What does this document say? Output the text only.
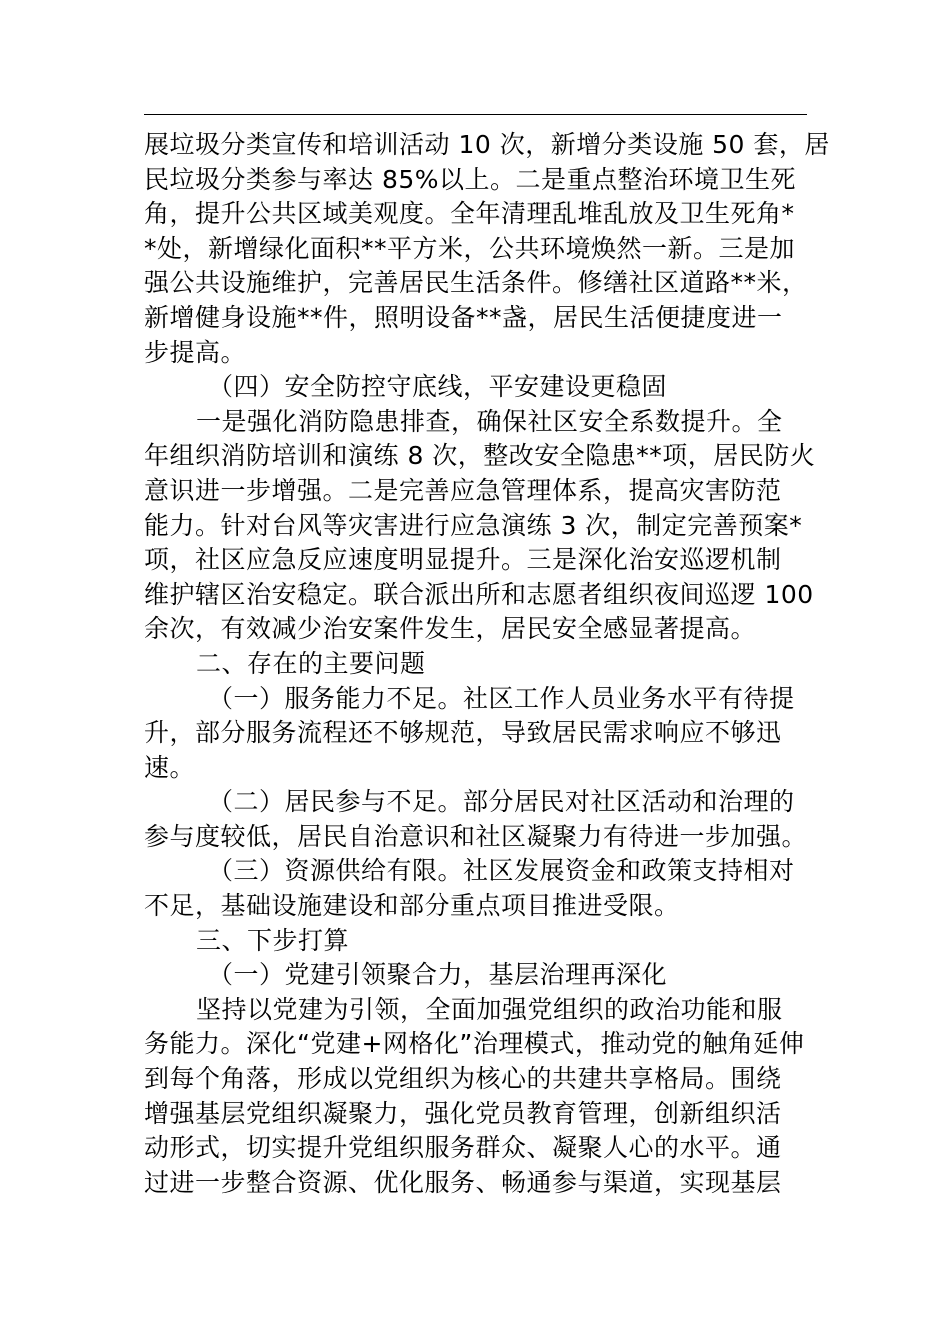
展垃圾分类宣传和培训活动 10 次，新增分类设施 50 套，居
民垃圾分类参与率达 85%以上。二是重点整治环境卫生死
角，提升公共区域美观度。全年清理乱堆乱放及卫生死角*
*处，新增绿化面积**平方米，公共环境焕然一新。三是加
强公共设施维护，完善居民生活条件。修缮社区道路**米，
新增健身设施**件，照明设备**盏，居民生活便捷度进一
步提高。
（四）安全防控守底线，平安建设更稳固
一是强化消防隐患排查，确保社区安全系数提升。全
年组织消防培训和演练 8 次，整改安全隐患**项，居民防火
意识进一步增强。二是完善应急管理体系，提高灾害防范
能力。针对台风等灾害进行应急演练 3 次，制定完善预案*
项，社区应急反应速度明显提升。三是深化治安巡逻机制
维护辖区治安稳定。联合派出所和志愿者组织夜间巡逻 100
余次，有效减少治安案件发生，居民安全感显著提高。
二、存在的主要问题
（一）服务能力不足。社区工作人员业务水平有待提
升，部分服务流程还不够规范，导致居民需求响应不够迅
速。
（二）居民参与不足。部分居民对社区活动和治理的
参与度较低，居民自治意识和社区凝聚力有待进一步加强。
（三）资源供给有限。社区发展资金和政策支持相对
不足，基础设施建设和部分重点项目推进受限。
三、下步打算
（一）党建引领聚合力，基层治理再深化
坚持以党建为引领，全面加强党组织的政治功能和服
务能力。深化“党建+网格化”治理模式，推动党的触角延伸
到每个角落，形成以党组织为核心的共建共享格局。围绕
增强基层党组织凝聚力，强化党员教育管理，创新组织活
动形式，切实提升党组织服务群众、凝聚人心的水平。通
过进一步整合资源、优化服务、畅通参与渠道，实现基层
